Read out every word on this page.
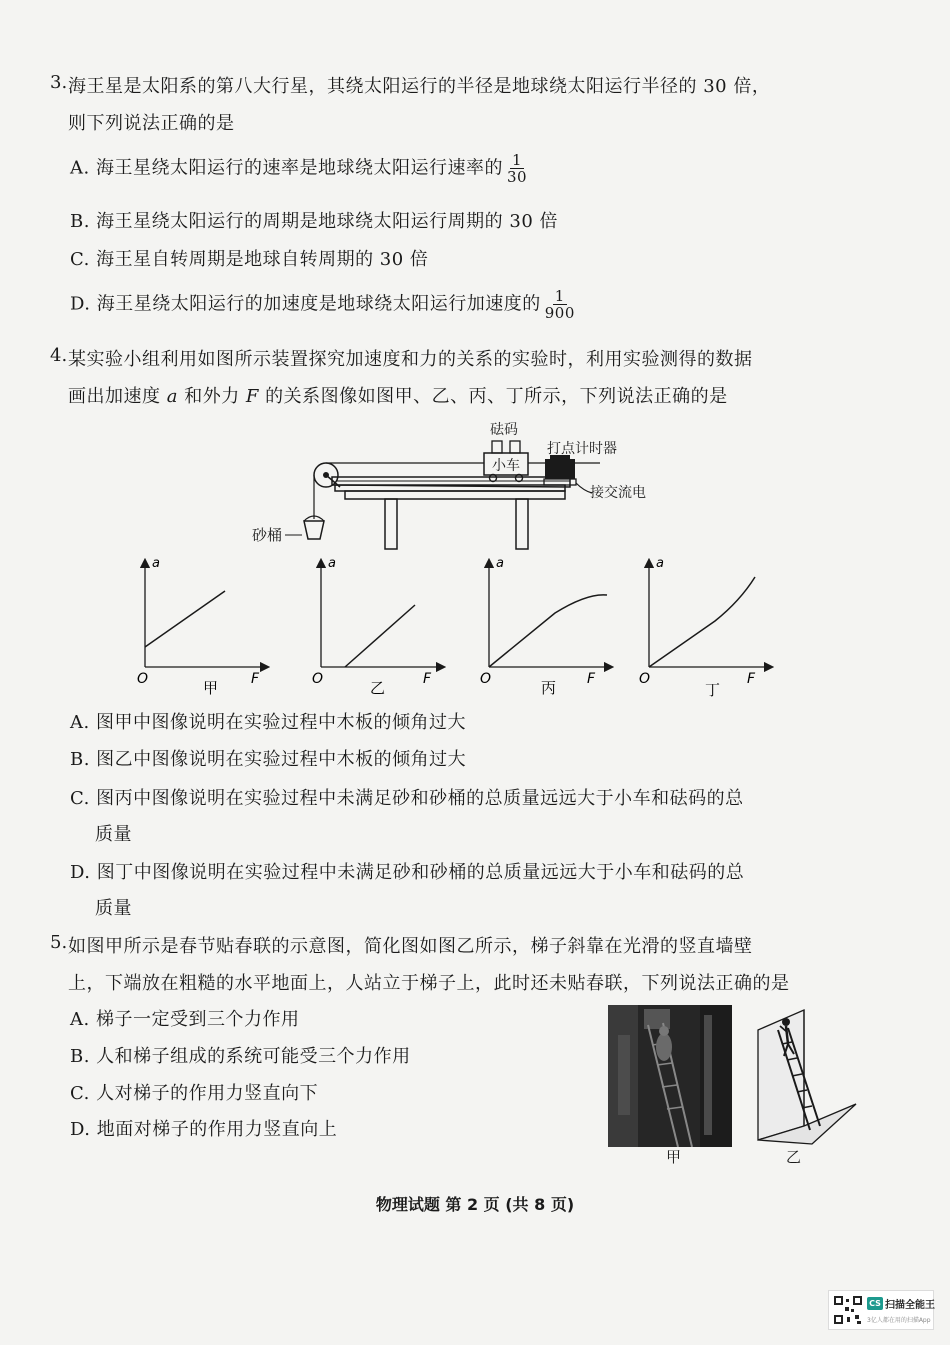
3. 海王星是太阳系的第八大行星，其绕太阳运行的半径是地球绕太阳运行半径的 30 倍，
则下列说法正确的是
A. 海王星绕太阳运行的速率是地球绕太阳运行速率的 $\frac{1}{30}$
B. 海王星绕太阳运行的周期是地球绕太阳运行周期的 30 倍
C. 海王星自转周期是地球自转周期的 30 倍
D. 海王星绕太阳运行的加速度是地球绕太阳运行加速度的 $\frac{1}{900}$
4. 某实验小组利用如图所示装置探究加速度和力的关系的实验时，利用实验测得的数据
画出加速度 a 和外力 F 的关系图像如图甲、乙、丙、丁所示，下列说法正确的是
砂桶
小车
砝码
打点计时器
接交流电
a
O	F
甲
a
O	F
乙
a
O	F
丙
a
O	F
丁
A. 图甲中图像说明在实验过程中木板的倾角过大
B. 图乙中图像说明在实验过程中木板的倾角过大
C. 图丙中图像说明在实验过程中未满足砂和砂桶的总质量远远大于小车和砝码的总
质量
D. 图丁中图像说明在实验过程中未满足砂和砂桶的总质量远远大于小车和砝码的总
质量
5. 如图甲所示是春节贴春联的示意图，简化图如图乙所示，梯子斜靠在光滑的竖直墙壁
上，下端放在粗糙的水平地面上，人站立于梯子上，此时还未贴春联，下列说法正确的是
A. 梯子一定受到三个力作用
B. 人和梯子组成的系统可能受三个力作用
C. 人对梯子的作用力竖直向下
D. 地面对梯子的作用力竖直向上
甲	乙
物理试题 第 2 页 (共 8 页)
CS 扫描全能王
3亿人都在用的扫描App
